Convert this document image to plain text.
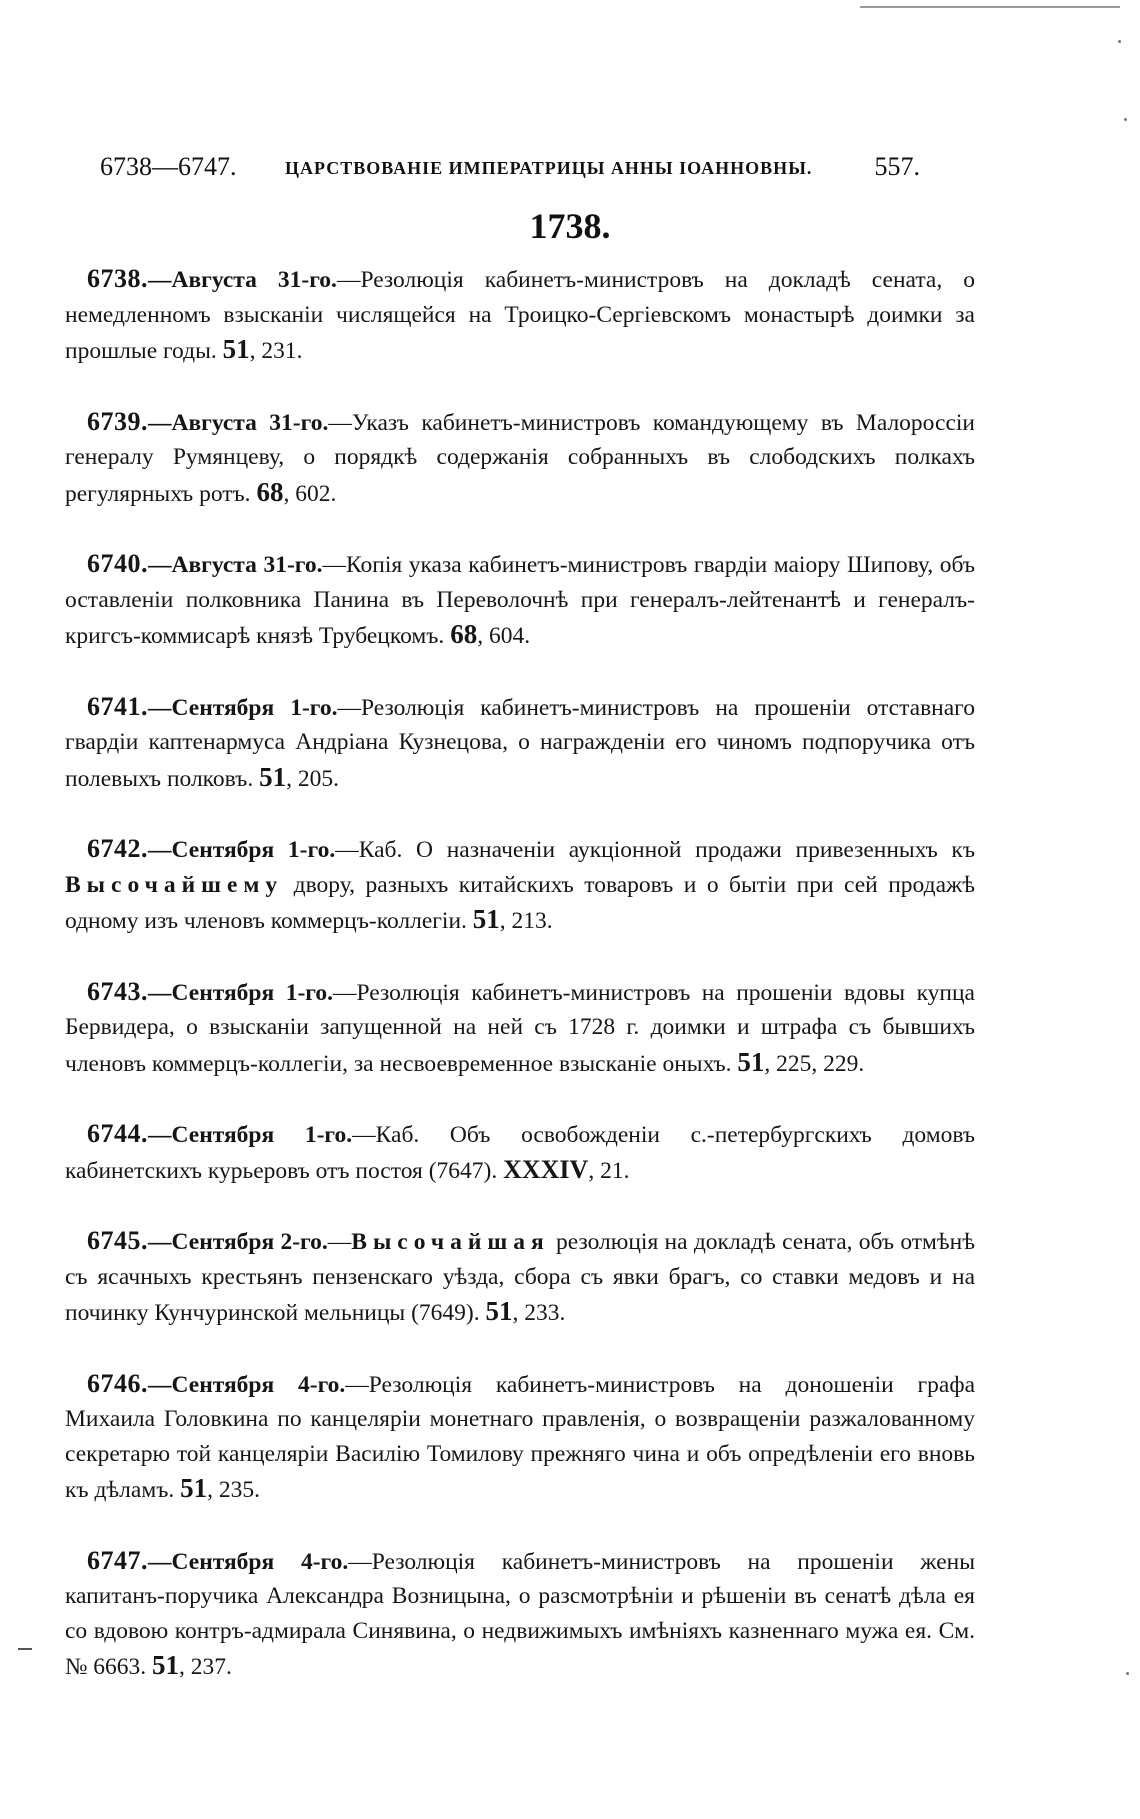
6738—6747.	ЦАРСТВОВАНІЕ ИМПЕРАТРИЦЫ АННЫ ІОАННОВНЫ. 557.
1738.

6738.—Августа 31-го.—Резолюція кабинетъ-министровъ на докладѣ сената, о немедленномъ взысканіи числящейся на Троицко-Сергіевскомъ монастырѣ доимки за прошлые годы. 51, 231.

6739.—Августа 31-го.—Указъ кабинетъ-министровъ командующему въ Малороссіи генералу Румянцеву, о порядкѣ содержанія собранныхъ въ слободскихъ полкахъ регулярныхъ ротъ. 68, 602.

6740.—Августа 31-го.—Копія указа кабинетъ-министровъ гвардіи маіору Шипову, объ оставленіи полковника Панина въ Переволочнѣ при генералъ-лейтенантѣ и генералъ-кригсъ-коммисарѣ князѣ Трубецкомъ. 68, 604.

6741.—Сентября 1-го.—Резолюція кабинетъ-министровъ на прошеніи отставнаго гвардіи каптенармуса Андріана Кузнецова, о награжденіи его чиномъ подпоручика отъ полевыхъ полковъ. 51, 205.

6742.—Сентября 1-го.—Каб. О назначеніи аукціонной продажи привезенныхъ къ Высочайшему двору, разныхъ китайскихъ товаровъ и о бытіи при сей продажѣ одному изъ членовъ коммерцъ-коллегіи. 51, 213.

6743.—Сентября 1-го.—Резолюція кабинетъ-министровъ на прошеніи вдовы купца Бервидера, о взысканіи запущенной на ней съ 1728 г. доимки и штрафа съ бывшихъ членовъ коммерцъ-коллегіи, за несвоевременное взысканіе оныхъ. 51, 225, 229.

6744.—Сентября 1-го.—Каб. Объ освобожденіи с.-петербургскихъ домовъ кабинетскихъ курьеровъ отъ постоя (7647). XXXIV, 21.

6745.—Сентября 2-го.—Высочайшая резолюція на докладѣ сената, объ отмѣнѣ съ ясачныхъ крестьянъ пензенскаго уѣзда, сбора съ явки брагъ, со ставки медовъ и на починку Кунчуринской мельницы (7649). 51, 233.

6746.—Сентября 4-го.—Резолюція кабинетъ-министровъ на доношеніи графа Михаила Головкина по канцеляріи монетнаго правленія, о возвращеніи разжалованному секретарю той канцеляріи Василію Томилову прежняго чина и объ опредѣленіи его вновь къ дѣламъ. 51, 235.

6747.—Сентября 4-го.—Резолюція кабинетъ-министровъ на прошеніи жены капитанъ-поручика Александра Возницына, о разсмотрѣніи и рѣшеніи въ сенатѣ дѣла ея со вдовою контръ-адмирала Синявина, о недвижимыхъ имѣніяхъ казненнаго мужа ея. См. № 6663. 51, 237.
